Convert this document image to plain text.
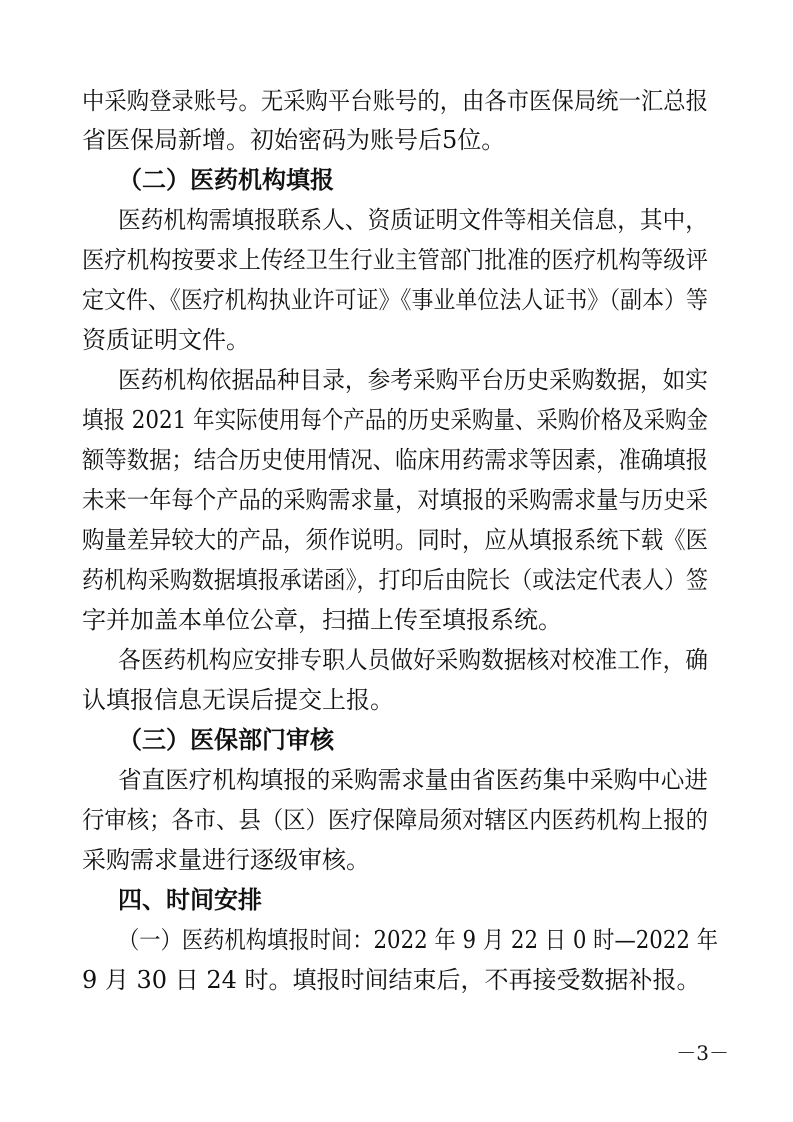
中采购登录账号。无采购平台账号的，由各市医保局统一汇总报
省医保局新增。初始密码为账号后5位。
（二）医药机构填报
医药机构需填报联系人、资质证明文件等相关信息，其中，
医疗机构按要求上传经卫生行业主管部门批准的医疗机构等级评
定文件、《医疗机构执业许可证》《事业单位法人证书》（副本）等
资质证明文件。
医药机构依据品种目录，参考采购平台历史采购数据，如实
填报 2021 年实际使用每个产品的历史采购量、采购价格及采购金
额等数据；结合历史使用情况、临床用药需求等因素，准确填报
未来一年每个产品的采购需求量，对填报的采购需求量与历史采
购量差异较大的产品，须作说明。同时，应从填报系统下载《医
药机构采购数据填报承诺函》，打印后由院长（或法定代表人）签
字并加盖本单位公章，扫描上传至填报系统。
各医药机构应安排专职人员做好采购数据核对校准工作，确
认填报信息无误后提交上报。
（三）医保部门审核
省直医疗机构填报的采购需求量由省医药集中采购中心进
行审核；各市、县（区）医疗保障局须对辖区内医药机构上报的
采购需求量进行逐级审核。
四、时间安排
（一）医药机构填报时间：2022 年 9 月 22 日 0 时—2022 年
9 月 30 日 24 时。填报时间结束后，不再接受数据补报。
－3－
